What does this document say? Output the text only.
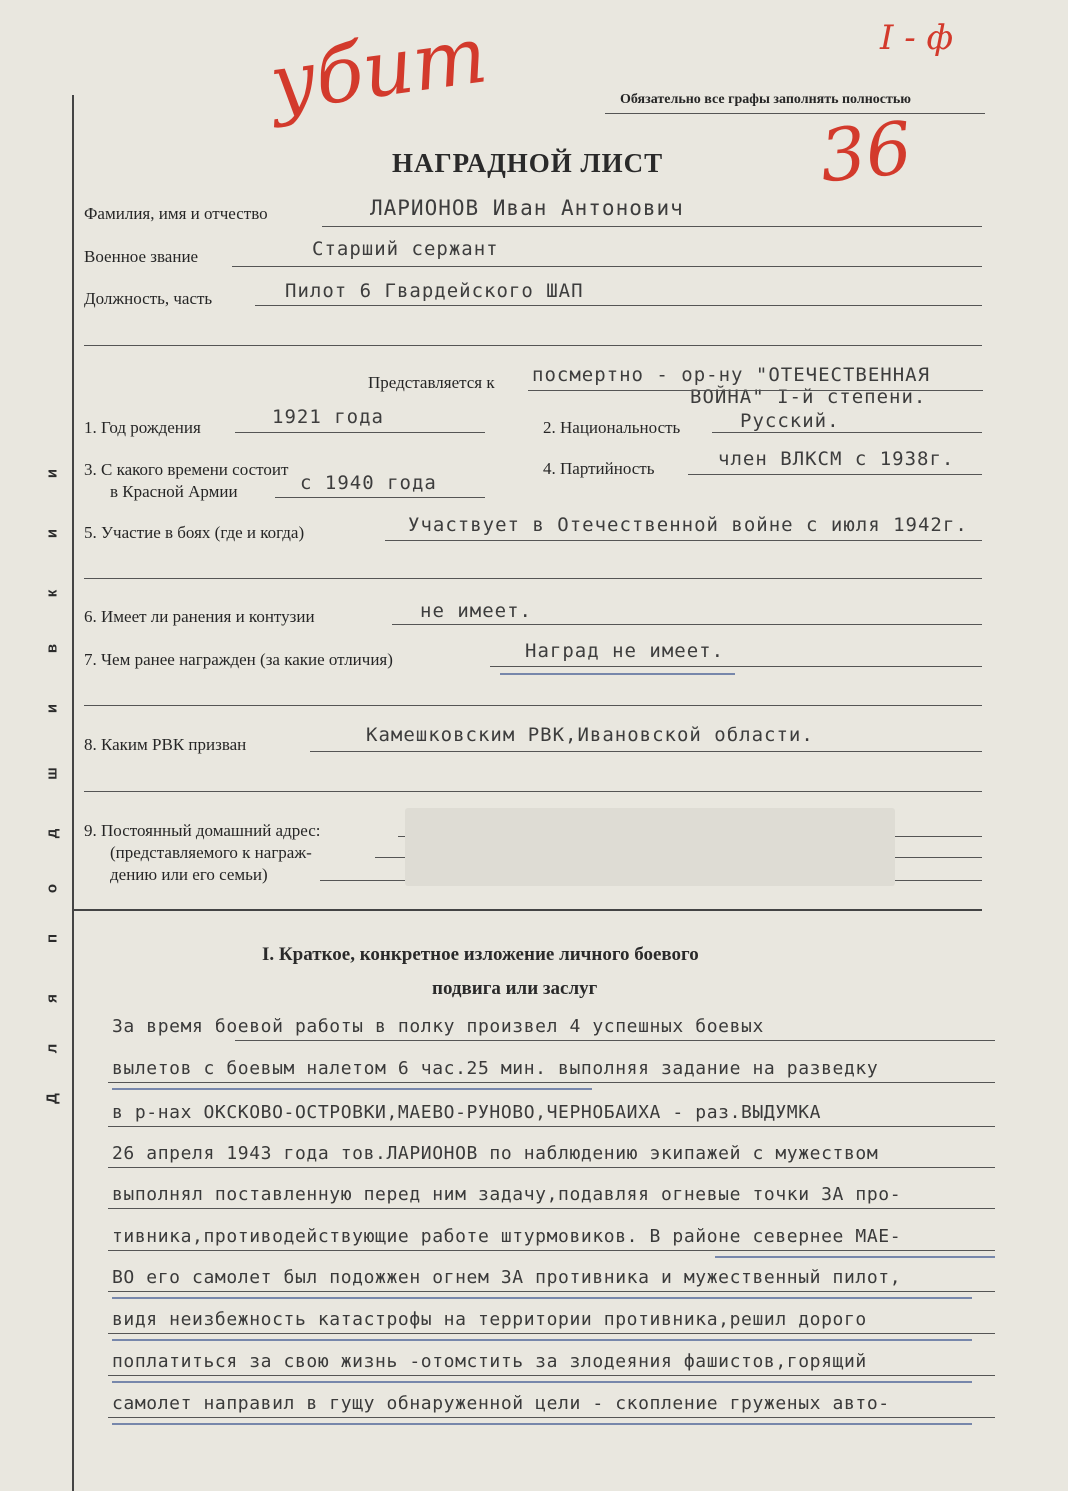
Д
л
я
п
о
д
ш
и
в
к
и
и
убит
36
I - ф
Обязательно все графы заполнять полностью
НАГРАДНОЙ ЛИСТ
Фамилия, имя и отчество	ЛАРИОНОВ Иван Антонович
Военное звание	Старший сержант
Должность, часть	Пилот 6 Гвардейского ШАП
Представляется к посмертно - ор-ну "ОТЕЧЕСТВЕННАЯ
ВОЙНА" I-й степени.
1. Год рождения	1921 года	2. Национальность	Русский.
3. С какого времени состоит
в Красной Армии	с 1940 года
4. Партийность	член ВЛКСМ с 1938г.
5. Участие в боях (где и когда)	Участвует в Отечественной войне с июля 1942г.
6. Имеет ли ранения и контузии	не имеет.
7. Чем ранее награжден (за какие отличия)	Наград не имеет.
8. Каким РВК призван	Камешковским РВК,Ивановской области.
9. Постоянный домашний адрес:
(представляемого к награж-
дению или его семьи)
I. Краткое, конкретное изложение личного боевого
подвига или заслуг
За время боевой работы в полку произвел 4 успешных боевых
вылетов с боевым налетом 6 час.25 мин. выполняя задание на разведку
в р-нах ОКСКОВО-ОСТРОВКИ,МАЕВО-РУНОВО,ЧЕРНОБАИХА - раз.ВЫДУМКА
26 апреля 1943 года тов.ЛАРИОНОВ по наблюдению экипажей с мужеством
выполнял поставленную перед ним задачу,подавляя огневые точки ЗА про-
тивника,противодействующие работе штурмовиков. В районе севернее МАЕ-
ВО его самолет был подожжен огнем ЗА противника и мужественный пилот,
видя неизбежность катастрофы на территории противника,решил дорого
поплатиться за свою жизнь -отомстить за злодеяния фашистов,горящий
самолет направил в гущу обнаруженной цели - скопление груженых авто-
